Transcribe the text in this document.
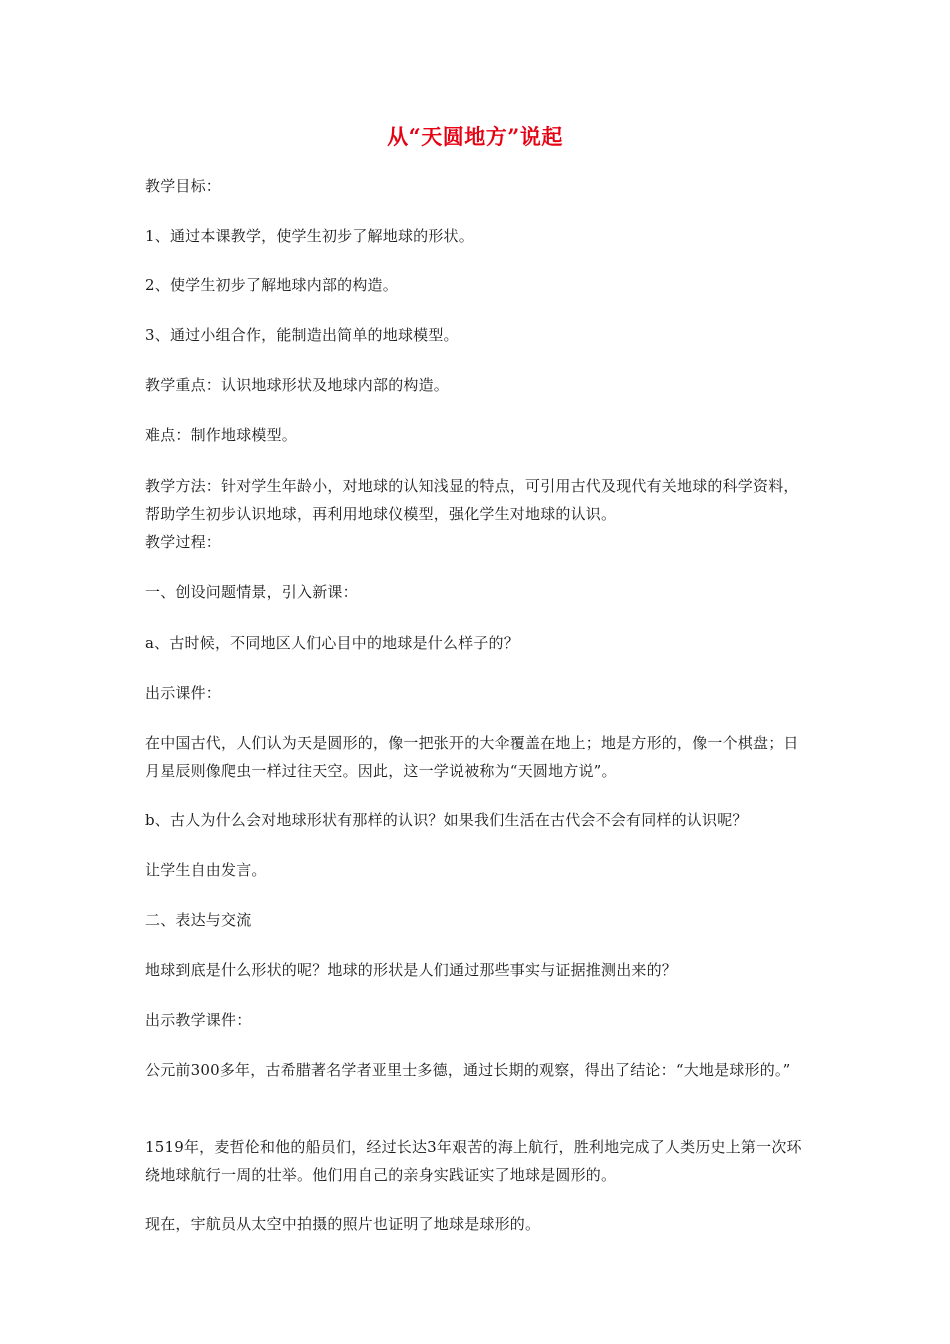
从“天圆地方”说起
教学目标：
1、通过本课教学，使学生初步了解地球的形状。
2、使学生初步了解地球内部的构造。
3、通过小组合作，能制造出简单的地球模型。
教学重点：认识地球形状及地球内部的构造。
难点：制作地球模型。
教学方法：针对学生年龄小，对地球的认知浅显的特点，可引用古代及现代有关地球的科学资料，帮助学生初步认识地球，再利用地球仪模型，强化学生对地球的认识。
教学过程：
一、创设问题情景，引入新课：
a、古时候，不同地区人们心目中的地球是什么样子的？
出示课件：
在中国古代，人们认为天是圆形的，像一把张开的大伞覆盖在地上；地是方形的，像一个棋盘；日月星辰则像爬虫一样过往天空。因此，这一学说被称为“天圆地方说”。
b、古人为什么会对地球形状有那样的认识？如果我们生活在古代会不会有同样的认识呢？
让学生自由发言。
二、表达与交流
地球到底是什么形状的呢？地球的形状是人们通过那些事实与证据推测出来的？
出示教学课件：
公元前300多年，古希腊著名学者亚里士多德，通过长期的观察，得出了结论：“大地是球形的。”
1519年，麦哲伦和他的船员们，经过长达3年艰苦的海上航行，胜利地完成了人类历史上第一次环绕地球航行一周的壮举。他们用自己的亲身实践证实了地球是圆形的。
现在，宇航员从太空中拍摄的照片也证明了地球是球形的。
